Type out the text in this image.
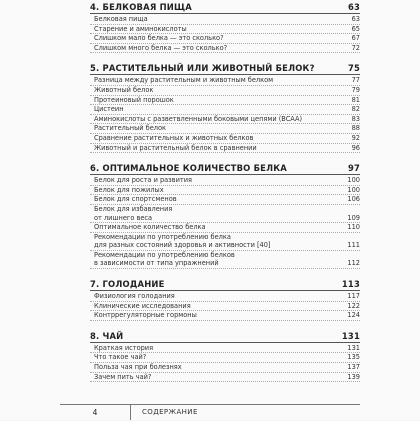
4. БЕЛКОВАЯ ПИЩА	63
Белковая пища	63
Старение и аминокислоты	65
Слишком мало белка — это сколько?	67
Слишком много белка — это сколько?	72
5. РАСТИТЕЛЬНЫЙ ИЛИ ЖИВОТНЫЙ БЕЛОК?	75
Разница между растительным и животным белком	77
Животный белок	79
Протеиновый порошок	81
Цистеин	82
Аминокислоты с разветвленными боковыми цепями (BCAA)	83
Растительный белок	88
Сравнение растительных и животных белков	92
Животный и растительный белок в сравнении	96
6. ОПТИМАЛЬНОЕ КОЛИЧЕСТВО БЕЛКА	97
Белок для роста и развития	100
Белок для пожилых	100
Белок для спортсменов	106
Белок для избавления
от лишнего веса	109
Оптимальное количество белка	110
Рекомендации по употреблению белка
для разных состояний здоровья и активности [40]	111
Рекомендации по употреблению белков
в зависимости от типа упражнений	112
7. ГОЛОДАНИЕ	113
Физиология голодания	117
Клинические исследования	122
Контррегуляторные гормоны	124
8. ЧАЙ	131
Краткая история	131
Что такое чай?	135
Польза чая при болезнях	137
Зачем пить чай?	139
4	СОДЕРЖАНИЕ
